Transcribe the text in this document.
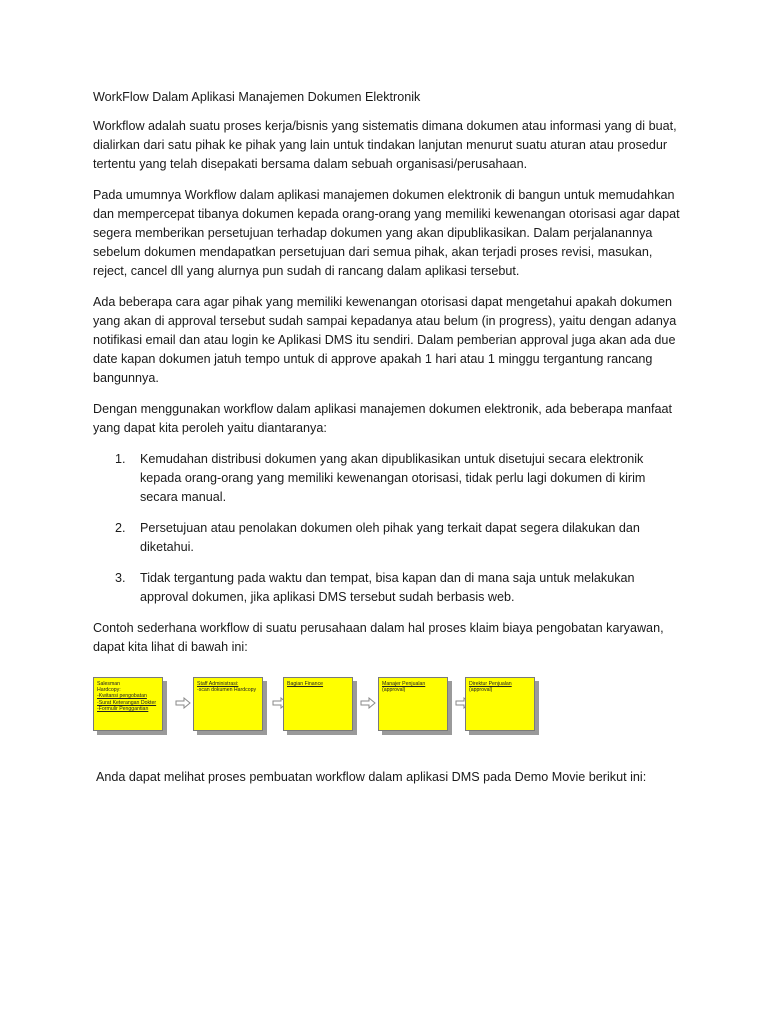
WorkFlow Dalam Aplikasi Manajemen Dokumen Elektronik

Workflow adalah suatu proses kerja/bisnis yang sistematis dimana dokumen atau informasi yang di buat, dialirkan dari satu pihak ke pihak yang lain untuk tindakan lanjutan menurut suatu aturan atau prosedur tertentu yang telah disepakati bersama dalam sebuah organisasi/perusahaan.

Pada umumnya Workflow dalam aplikasi manajemen dokumen elektronik di bangun untuk memudahkan dan mempercepat tibanya dokumen kepada orang-orang yang memiliki kewenangan otorisasi agar dapat segera memberikan persetujuan terhadap dokumen yang akan dipublikasikan. Dalam perjalanannya sebelum dokumen mendapatkan persetujuan dari semua pihak, akan terjadi proses revisi, masukan, reject, cancel dll yang alurnya pun sudah di rancang dalam aplikasi tersebut.

Ada beberapa cara agar pihak yang memiliki kewenangan otorisasi dapat mengetahui apakah dokumen yang akan di approval tersebut sudah sampai kepadanya atau belum (in progress), yaitu dengan adanya notifikasi email dan atau login ke Aplikasi DMS itu sendiri. Dalam pemberian approval juga akan ada due date kapan dokumen jatuh tempo untuk di approve apakah 1 hari atau 1 minggu tergantung rancang bangunnya.

Dengan menggunakan workflow dalam aplikasi manajemen dokumen elektronik, ada beberapa manfaat yang dapat kita peroleh yaitu diantaranya:

1. Kemudahan distribusi dokumen yang akan dipublikasikan untuk disetujui secara elektronik kepada orang-orang yang memiliki kewenangan otorisasi, tidak perlu lagi dokumen di kirim secara manual.
2. Persetujuan atau penolakan dokumen oleh pihak yang terkait dapat segera dilakukan dan diketahui.
3. Tidak tergantung pada waktu dan tempat, bisa kapan dan di mana saja untuk melakukan approval dokumen, jika aplikasi DMS tersebut sudah berbasis web.

Contoh sederhana workflow di suatu perusahaan dalam hal proses klaim biaya pengobatan karyawan, dapat kita lihat di bawah ini:

Salesman
Hardcopy:
-Kwitansi pengobatan
-Surat Keterangan Dokter
-Formulir Penggantian
Staff Administrasi:
-scan dokumen Hardcopy
Bagian Finance	Manajer Penjualan
(approval)
Direktur Penjualan
(approval)

Anda dapat melihat proses pembuatan workflow dalam aplikasi DMS pada Demo Movie berikut ini:
